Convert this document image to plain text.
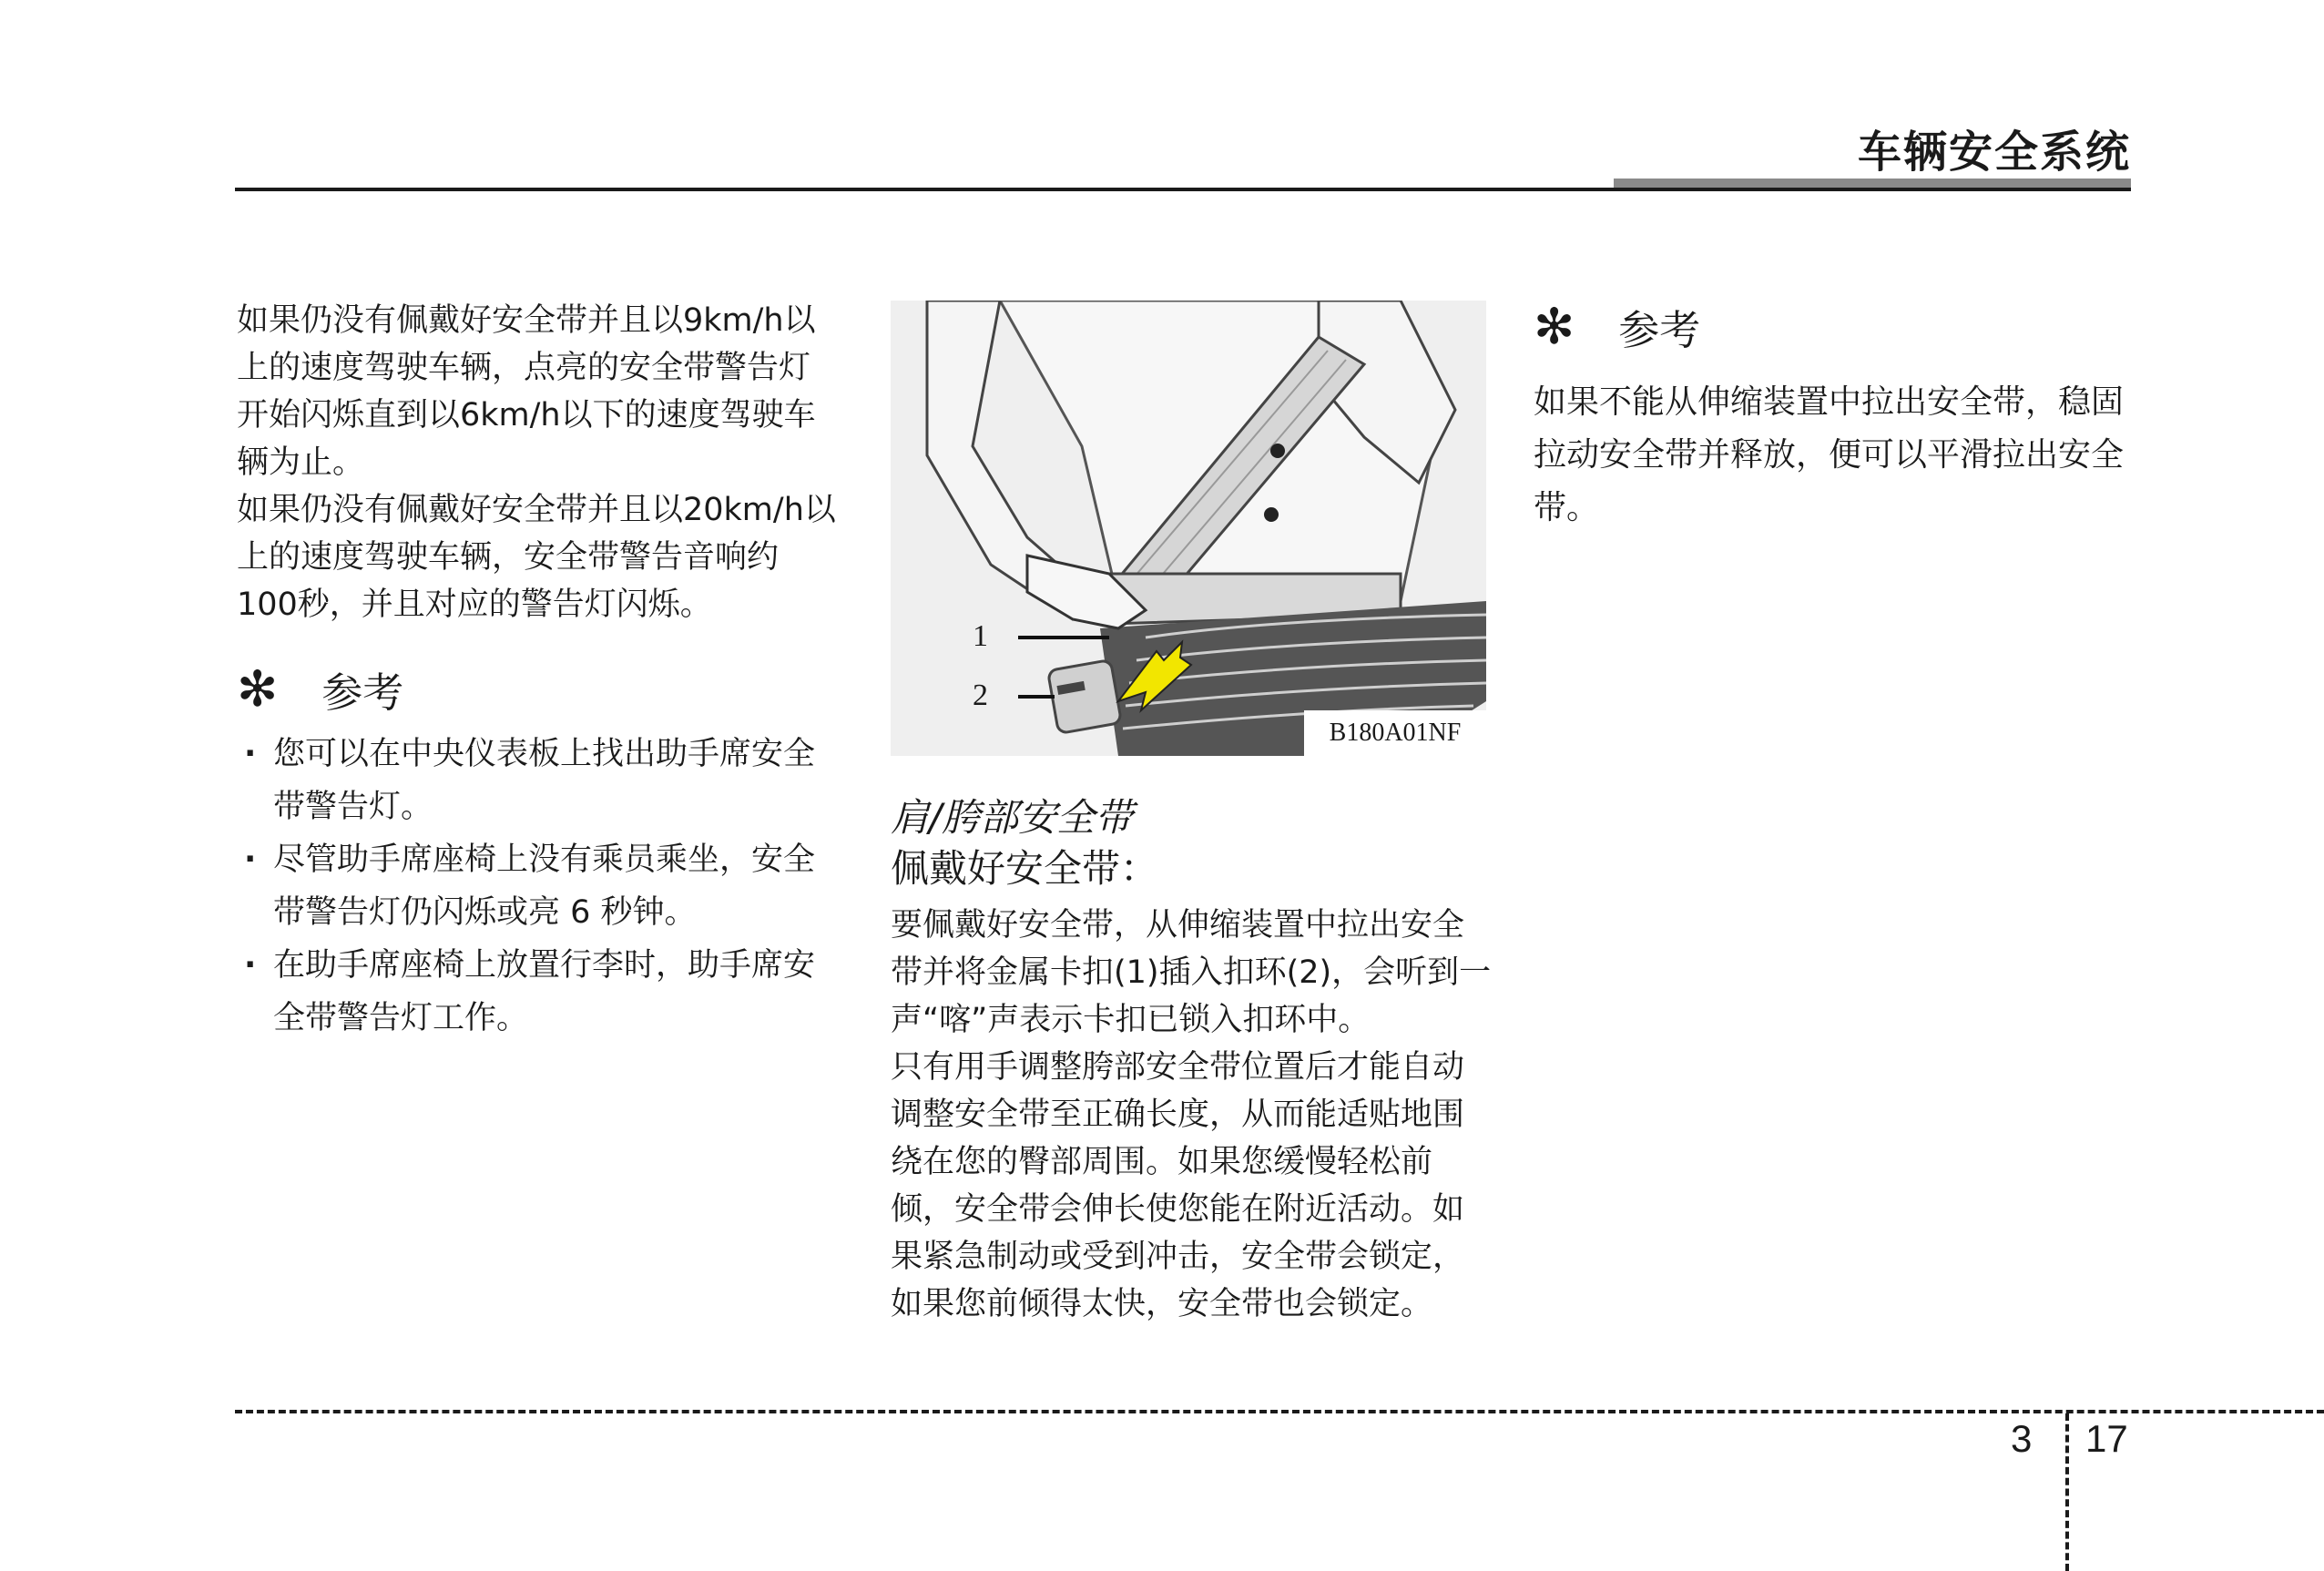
车辆安全系统

如果仍没有佩戴好安全带并且以9km/h以上的速度驾驶车辆，点亮的安全带警告灯开始闪烁直到以6km/h以下的速度驾驶车辆为止。

如果仍没有佩戴好安全带并且以20km/h以上的速度驾驶车辆，安全带警告音响约100秒，并且对应的警告灯闪烁。

✻ 参考
· 您可以在中央仪表板上找出助手席安全带警告灯。
· 尽管助手席座椅上没有乘员乘坐，安全带警告灯仍闪烁或亮 6 秒钟。
· 在助手席座椅上放置行李时，助手席安全带警告灯工作。
1
2
B180A01NF

肩/胯部安全带

佩戴好安全带：

要佩戴好安全带，从伸缩装置中拉出安全带并将金属卡扣(1)插入扣环(2)，会听到一声“喀”声表示卡扣已锁入扣环中。

只有用手调整胯部安全带位置后才能自动调整安全带至正确长度，从而能适贴地围绕在您的臀部周围。如果您缓慢轻松前倾，安全带会伸长使您能在附近活动。如果紧急制动或受到冲击，安全带会锁定，如果您前倾得太快，安全带也会锁定。

✻ 参考

如果不能从伸缩装置中拉出安全带，稳固拉动安全带并释放，便可以平滑拉出安全带。

3 17
